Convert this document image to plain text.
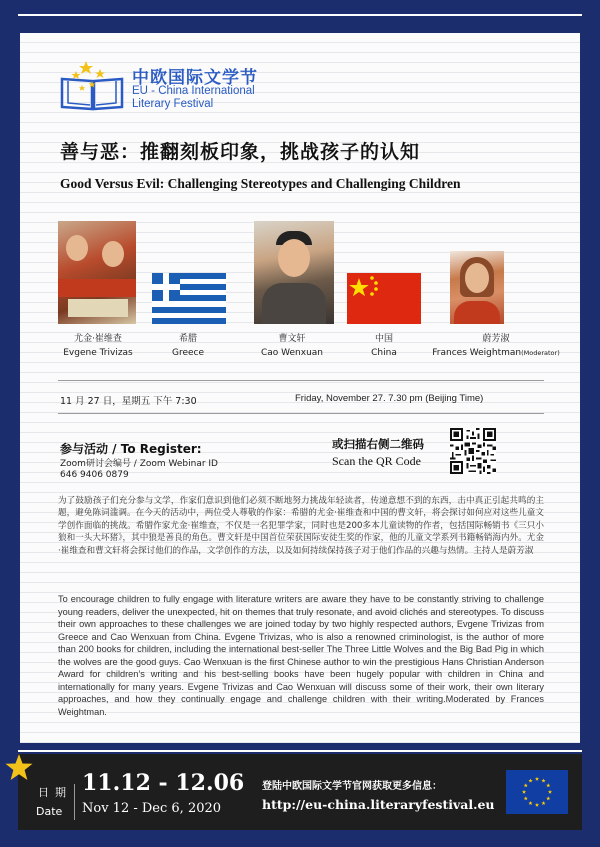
中欧国际文学节
EU - China International
Literary Festival
善与恶：推翻刻板印象，挑战孩子的认知
Good Versus Evil: Challenging Stereotypes and Challenging Children
尤金·崔维查
Evgene Trivizas
希腊
Greece
曹文轩
Cao Wenxuan
中国
China
蔚芳淑
Frances Weightman(Moderator)
11 月 27 日，星期五 下午 7:30	Friday, November 27. 7.30 pm (Beijing Time)
参与活动 / To Register:
Zoom研讨会编号 / Zoom Webinar ID
646 9406 0879
或扫描右侧二维码
Scan the QR Code
为了鼓励孩子们充分参与文学，作家们意识到他们必须不断地努力挑战年轻读者，传递意想不到的东西，击中真正引起共鸣的主题，避免陈词滥调。在今天的活动中，两位受人尊敬的作家：希腊的尤金·崔维查和中国的曹文轩，将会探讨如何应对这些儿童文学创作面临的挑战。希腊作家尤金·崔维查，不仅是一名犯罪学家，同时也是200多本儿童读物的作者，包括国际畅销书《三只小狼和一头大坏猪》，其中狼是善良的角色。曹文轩是中国首位荣获国际安徒生奖的作家，他的儿童文学系列书籍畅销海内外。尤金·崔维查和曹文轩将会探讨他们的作品，文学创作的方法，以及如何持续保持孩子对于他们作品的兴趣与热情。主持人是蔚芳淑
To encourage children to fully engage with literature writers are aware they have to be constantly striving to challenge young readers, deliver the unexpected, hit on themes that truly resonate, and avoid clichés and stereotypes. To discuss their own approaches to these challenges we are joined today by two highly respected authors, Evgene Trivizas from Greece and Cao Wenxuan from China. Evgene Trivizas, who is also a renowned criminologist, is the author of more than 200 books for children, including the international best-seller The Three Little Wolves and the Big Bad Pig in which the wolves are the good guys. Cao Wenxuan is the first Chinese author to win the prestigious Hans Christian Anderson Award for children’s writing and his best-selling books have been hugely popular with children in China and internationally for many years. Evgene Trivizas and Cao Wenxuan will discuss some of their work, their own literary approaches, and how they continually engage and challenge children with their writing.Moderated by Frances Weightman.
日期
Date
11.12 - 12.06
Nov 12 - Dec 6, 2020
登陆中欧国际文学节官网获取更多信息：
http://eu-china.literaryfestival.eu
